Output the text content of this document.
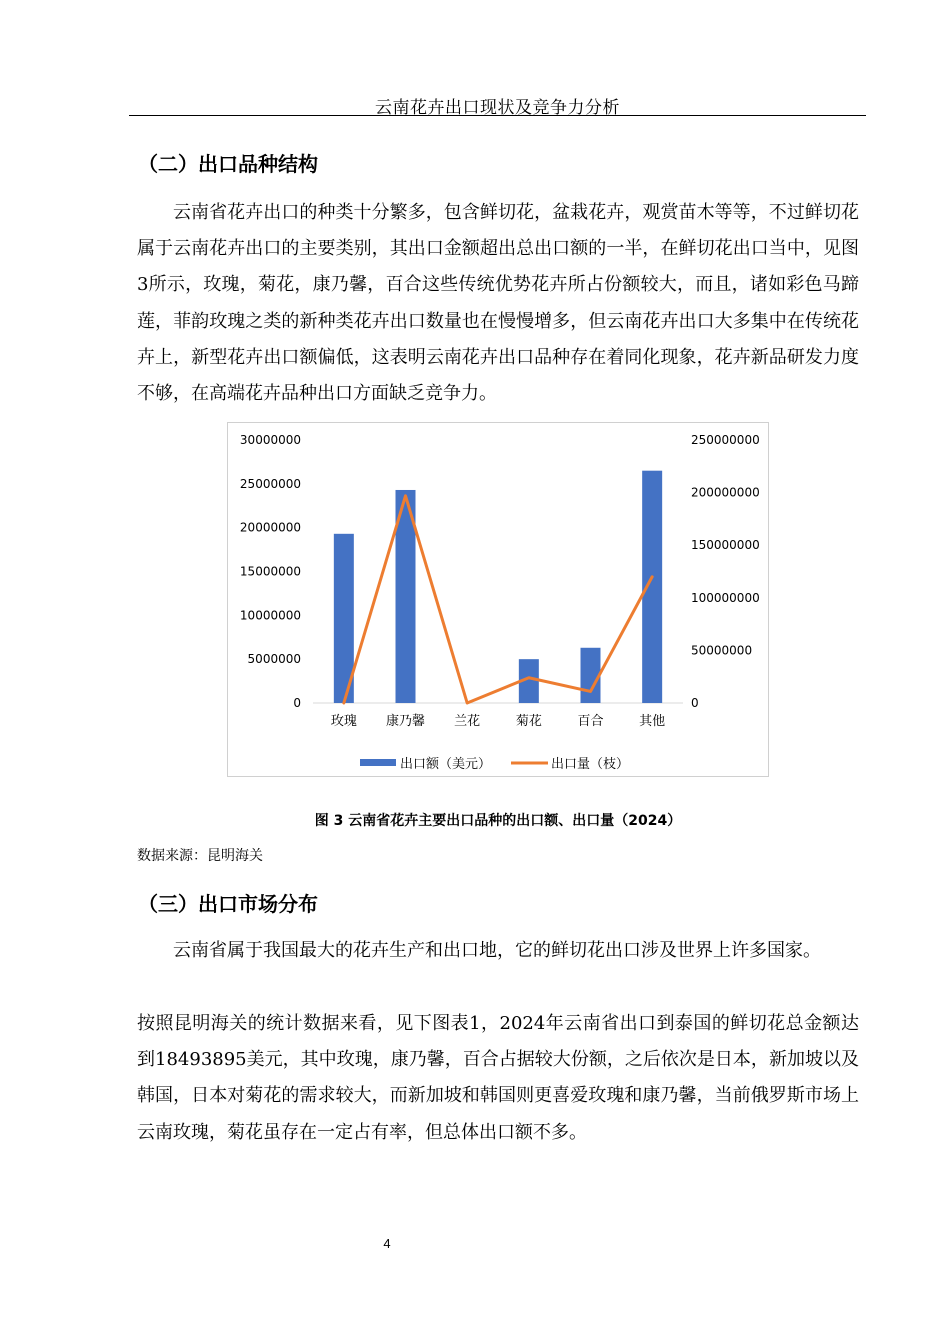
云南花卉出口现状及竞争力分析
（二）出口品种结构
云南省花卉出口的种类十分繁多，包含鲜切花，盆栽花卉，观赏苗木等等，不过鲜切花属于云南花卉出口的主要类别，其出口金额超出总出口额的一半，在鲜切花出口当中，见图3所示，玫瑰，菊花，康乃馨，百合这些传统优势花卉所占份额较大，而且，诸如彩色马蹄莲，菲韵玫瑰之类的新种类花卉出口数量也在慢慢增多，但云南花卉出口大多集中在传统花卉上，新型花卉出口额偏低，这表明云南花卉出口品种存在着同化现象，花卉新品研发力度不够，在高端花卉品种出口方面缺乏竞争力。
0
5000000
10000000
15000000
20000000
25000000
30000000
0
50000000
100000000
150000000
200000000
250000000
玫瑰 康乃馨 兰花	菊花	百合	其他
出口额（美元）	出口量（枝）
图 3 云南省花卉主要出口品种的出口额、出口量（2024）
数据来源：昆明海关
（三）出口市场分布
云南省属于我国最大的花卉生产和出口地，它的鲜切花出口涉及世界上许多国家。
按照昆明海关的统计数据来看，见下图表1，2024年云南省出口到泰国的鲜切花总金额达到18493895美元，其中玫瑰，康乃馨，百合占据较大份额，之后依次是日本，新加坡以及韩国，日本对菊花的需求较大，而新加坡和韩国则更喜爱玫瑰和康乃馨，当前俄罗斯市场上云南玫瑰，菊花虽存在一定占有率，但总体出口额不多。
4
